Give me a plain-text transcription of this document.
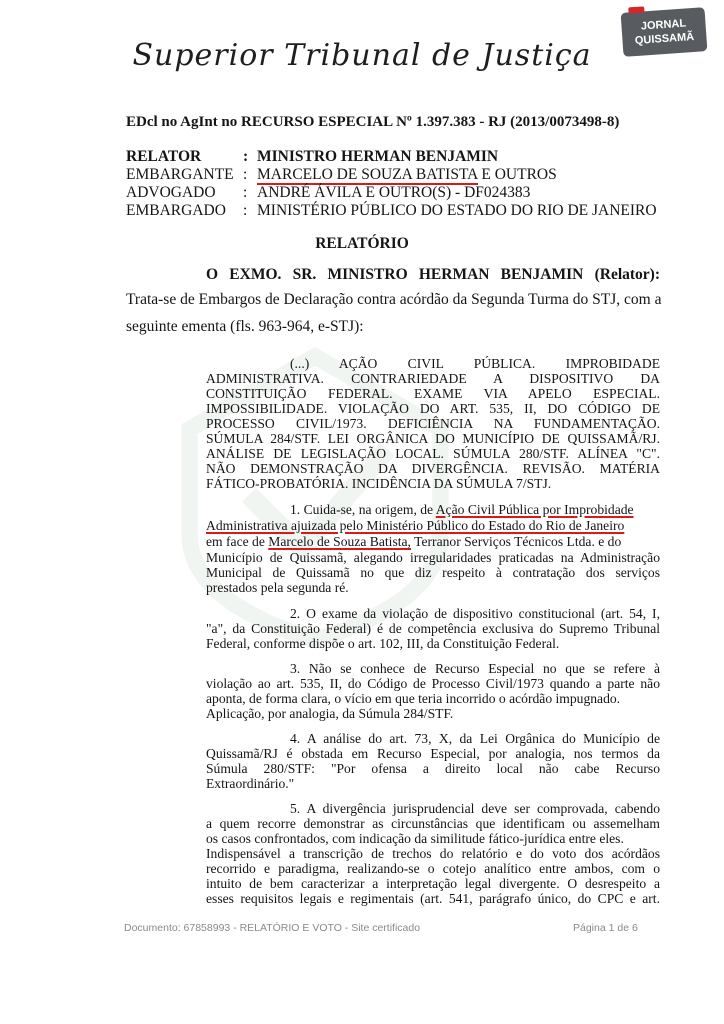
JORNAL
QUISSAMÃ
Superior Tribunal de Justiça
EDcl no AgInt no RECURSO ESPECIAL Nº 1.397.383 - RJ (2013/0073498-8)
RELATOR	: MINISTRO HERMAN BENJAMIN
EMBARGANTE : MARCELO DE SOUZA BATISTA E OUTROS
ADVOGADO : ANDRÉ ÁVILA E OUTRO(S) - DF024383
EMBARGADO : MINISTÉRIO PÚBLICO DO ESTADO DO RIO DE JANEIRO
RELATÓRIO
O EXMO. SR. MINISTRO HERMAN BENJAMIN (Relator):
Trata-se de Embargos de Declaração contra acórdão da Segunda Turma do STJ, com a
seguinte ementa (fls. 963-964, e-STJ):
(...) AÇÃO CIVIL PÚBLICA. IMPROBIDADE
ADMINISTRATIVA. CONTRARIEDADE A DISPOSITIVO DA
CONSTITUIÇÃO FEDERAL. EXAME VIA APELO ESPECIAL.
IMPOSSIBILIDADE. VIOLAÇÃO DO ART. 535, II, DO CÓDIGO DE
PROCESSO CIVIL/1973. DEFICIÊNCIA NA FUNDAMENTAÇÃO.
SÚMULA 284/STF. LEI ORGÂNICA DO MUNICÍPIO DE QUISSAMÃ/RJ.
ANÁLISE DE LEGISLAÇÃO LOCAL. SÚMULA 280/STF. ALÍNEA "C".
NÃO DEMONSTRAÇÃO DA DIVERGÊNCIA. REVISÃO. MATÉRIA
FÁTICO-PROBATÓRIA. INCIDÊNCIA DA SÚMULA 7/STJ.
1. Cuida-se, na origem, de Ação Civil Pública por Improbidade
Administrativa ajuizada pelo Ministério Público do Estado do Rio de Janeiro
em face de Marcelo de Souza Batista, Terranor Serviços Técnicos Ltda. e do
Município de Quissamã, alegando irregularidades praticadas na Administração
Municipal de Quissamã no que diz respeito à contratação dos serviços
prestados pela segunda ré.
2. O exame da violação de dispositivo constitucional (art. 54, I,
"a", da Constituição Federal) é de competência exclusiva do Supremo Tribunal
Federal, conforme dispõe o art. 102, III, da Constituição Federal.
3. Não se conhece de Recurso Especial no que se refere à
violação ao art. 535, II, do Código de Processo Civil/1973 quando a parte não
aponta, de forma clara, o vício em que teria incorrido o acórdão impugnado.
Aplicação, por analogia, da Súmula 284/STF.
4. A análise do art. 73, X, da Lei Orgânica do Município de
Quissamã/RJ é obstada em Recurso Especial, por analogia, nos termos da
Súmula 280/STF: "Por ofensa a direito local não cabe Recurso
Extraordinário."
5. A divergência jurisprudencial deve ser comprovada, cabendo
a quem recorre demonstrar as circunstâncias que identificam ou assemelham
os casos confrontados, com indicação da similitude fático-jurídica entre eles.
Indispensável a transcrição de trechos do relatório e do voto dos acórdãos
recorrido e paradigma, realizando-se o cotejo analítico entre ambos, com o
intuito de bem caracterizar a interpretação legal divergente. O desrespeito a
esses requisitos legais e regimentais (art. 541, parágrafo único, do CPC e art.
Documento: 67858993 - RELATÓRIO E VOTO - Site certificado	Página 1 de 6
